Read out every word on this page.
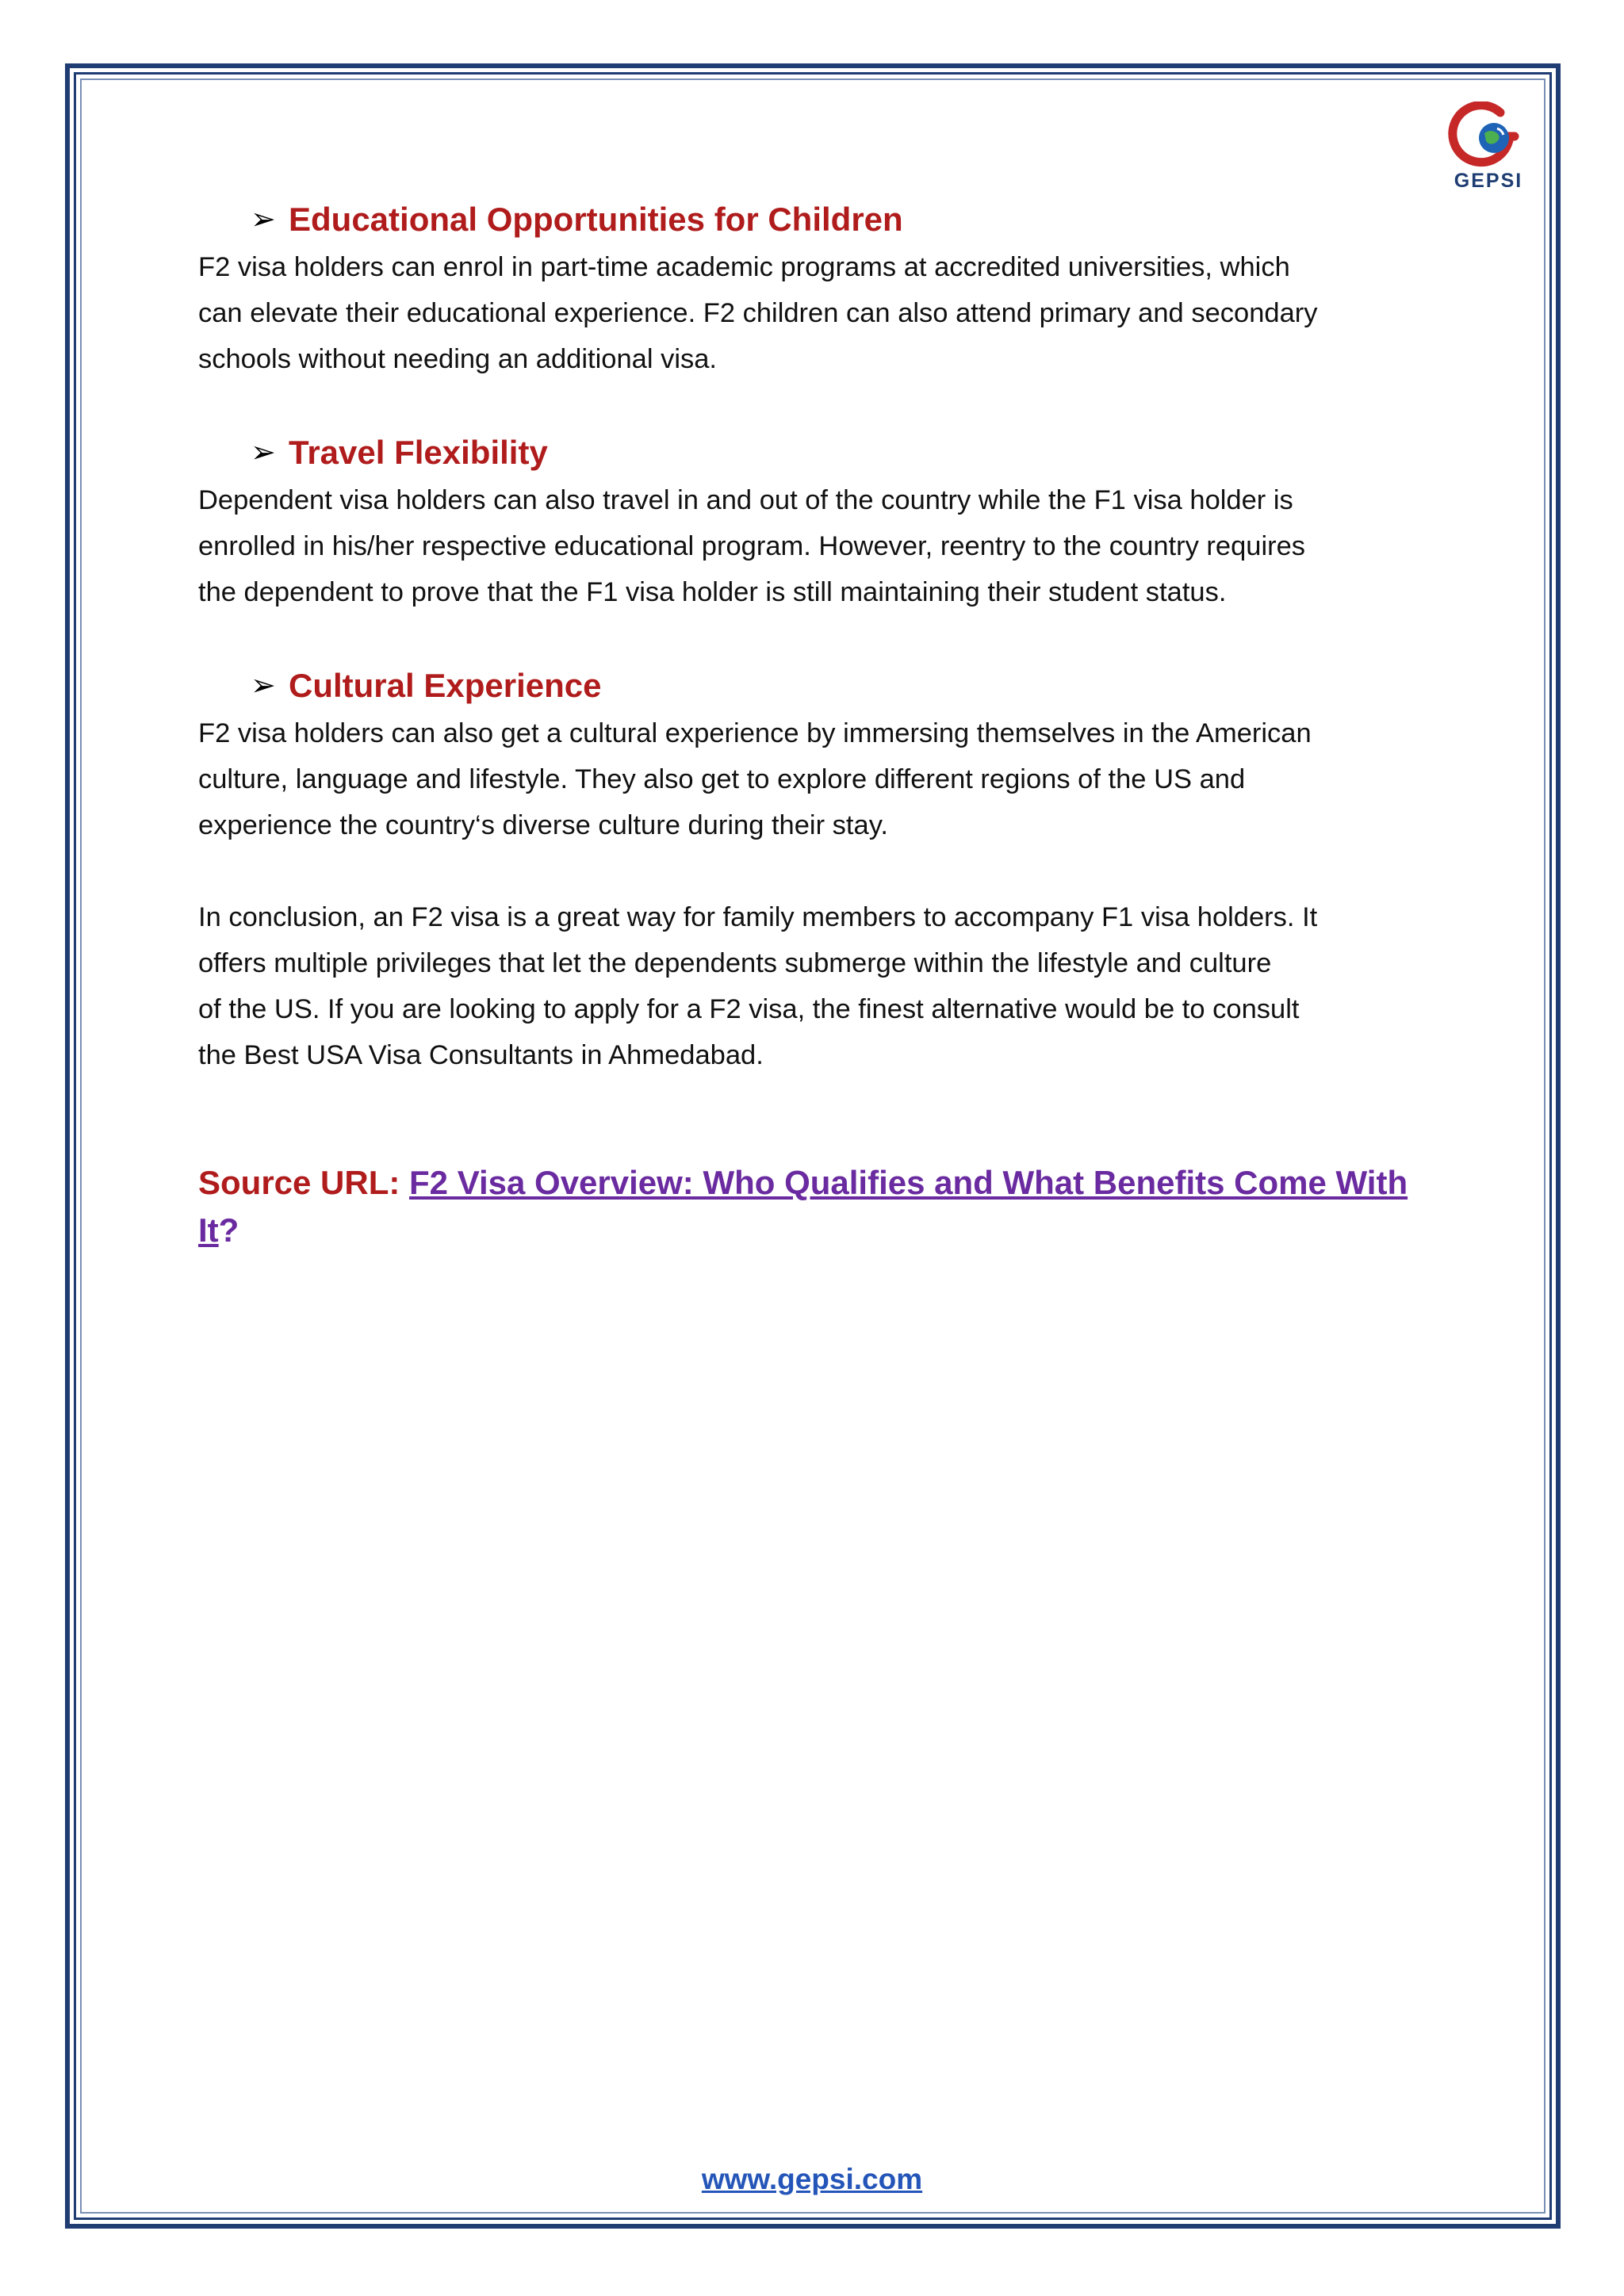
GEPSI
➢ Educational Opportunities for Children

F2 visa holders can enrol in part-time academic programs at accredited universities, which
can elevate their educational experience. F2 children can also attend primary and secondary
schools without needing an additional visa.

➢ Travel Flexibility

Dependent visa holders can also travel in and out of the country while the F1 visa holder is
enrolled in his/her respective educational program. However, reentry to the country requires
the dependent to prove that the F1 visa holder is still maintaining their student status.

➢ Cultural Experience

F2 visa holders can also get a cultural experience by immersing themselves in the American
culture, language and lifestyle. They also get to explore different regions of the US and
experience the country‘s diverse culture during their stay.

In conclusion, an F2 visa is a great way for family members to accompany F1 visa holders. It
offers multiple privileges that let the dependents submerge within the lifestyle and culture
of the US. If you are looking to apply for a F2 visa, the finest alternative would be to consult
the Best USA Visa Consultants in Ahmedabad.

Source URL: F2 Visa Overview: Who Qualifies and What Benefits Come With
It?
www.gepsi.com
